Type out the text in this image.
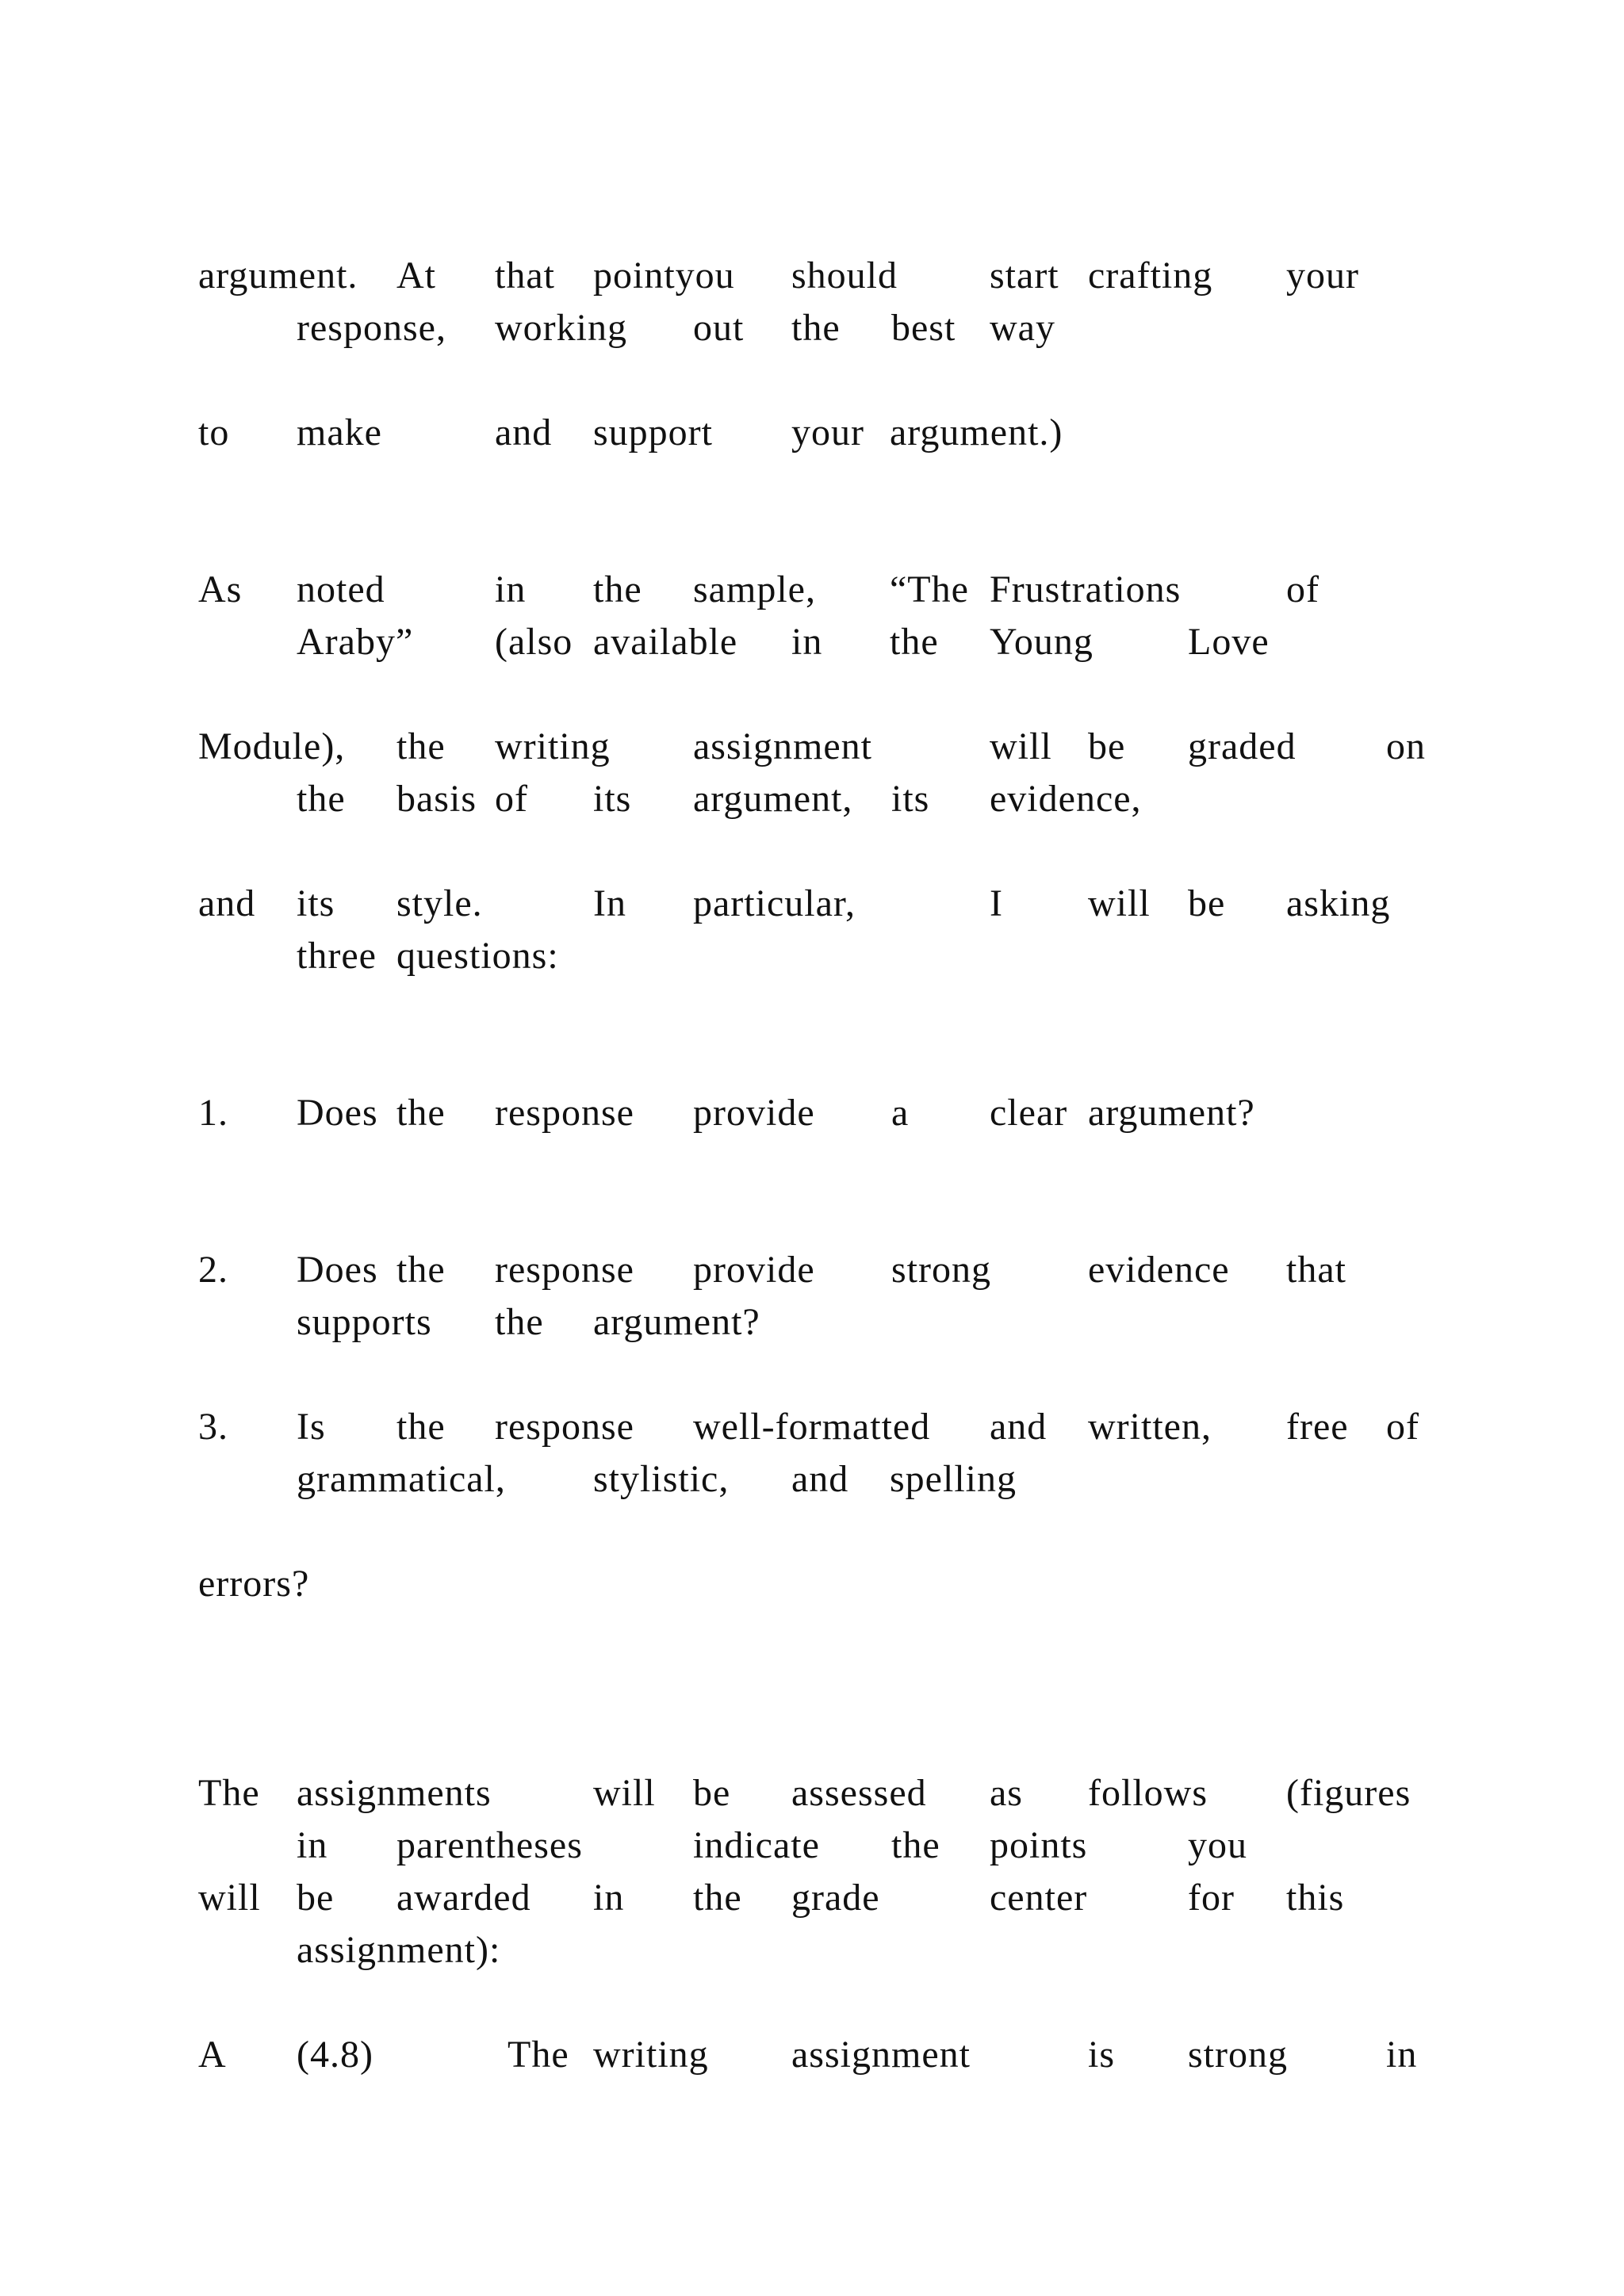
argument. At that pointyou should start crafting your
response, working out the best way
to make	and support your argument.)
As noted	in the sample, “The Frustrations	of
Araby” (also available in the Young Love
Module), the writing assignment	will be graded on
the basis of its argument, its evidence,
and its style.	In particular,	I will be asking
three questions:
1. Does the response provide a clear argument?
2. Does the response provide strong	evidence that
supports the argument?
3. Is the response well-formatted and written, free of
grammatical, stylistic, and spelling
errors?
The assignments	will be assessed as follows (figures
in parentheses	indicate the points	you
will be awarded in the grade	center	for this
assignment):
A (4.8)	The writing assignment	is strong	in
